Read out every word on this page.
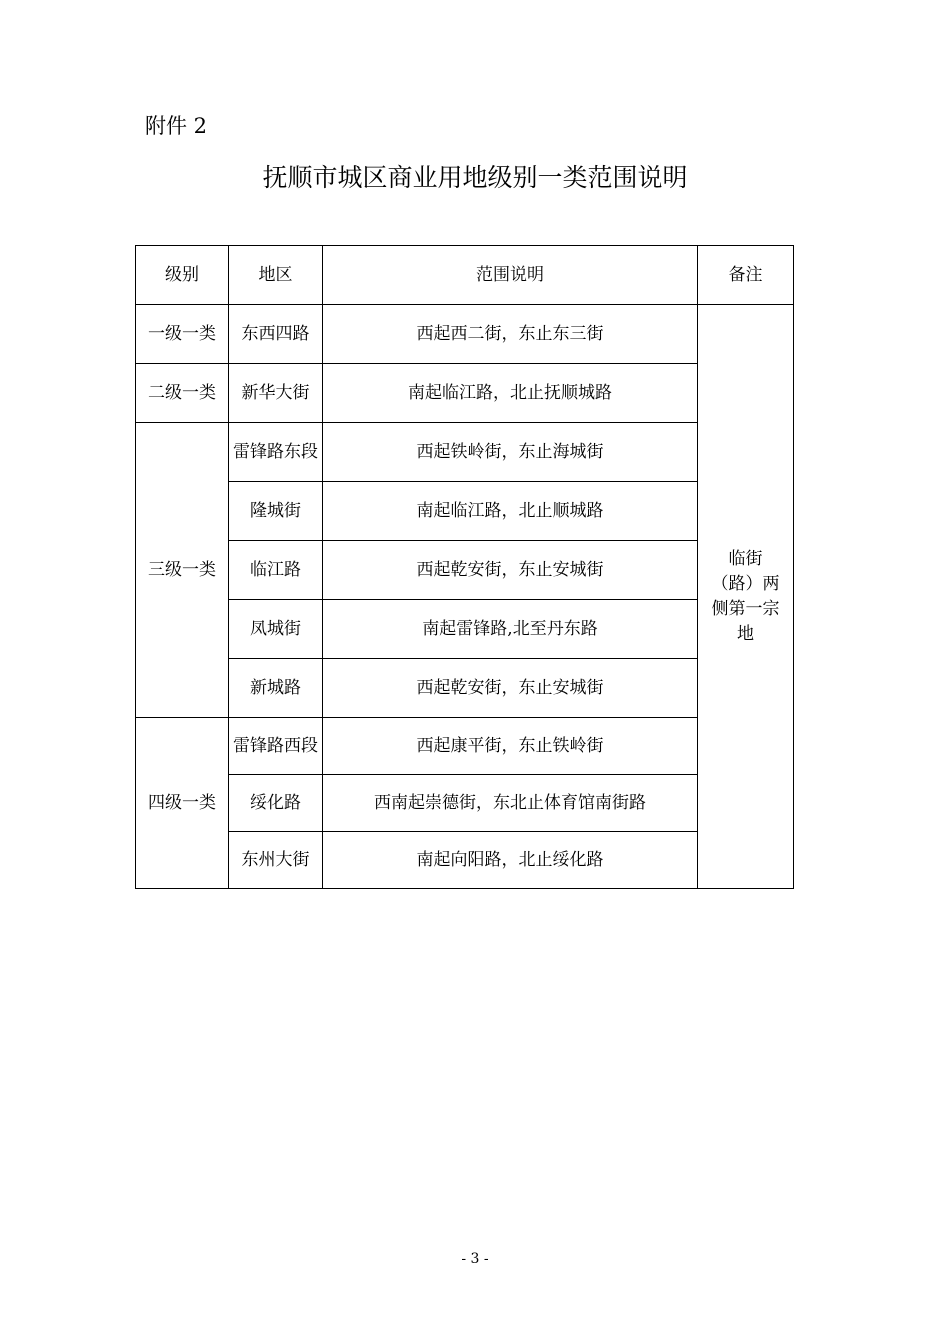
附件 2

抚顺市城区商业用地级别一类范围说明
级别	地区	范围说明	备注
一级一类	东西四路	西起西二街，东止东三街	临街（路）两侧第一宗地

二级一类	新华大街	南起临江路，北止抚顺城路	
三级一类	雷锋路东段	西起铁岭街，东止海城街	
	隆城街	南起临江路，北止顺城路	
	临江路	西起乾安街，东止安城街	
	凤城街	南起雷锋路,北至丹东路	
	新城路	西起乾安街，东止安城街	
四级一类	雷锋路西段	西起康平街，东止铁岭街	
	绥化路	西南起崇德街，东北止体育馆南街路	
	东州大街	南起向阳路，北止绥化路	
- 3 -
